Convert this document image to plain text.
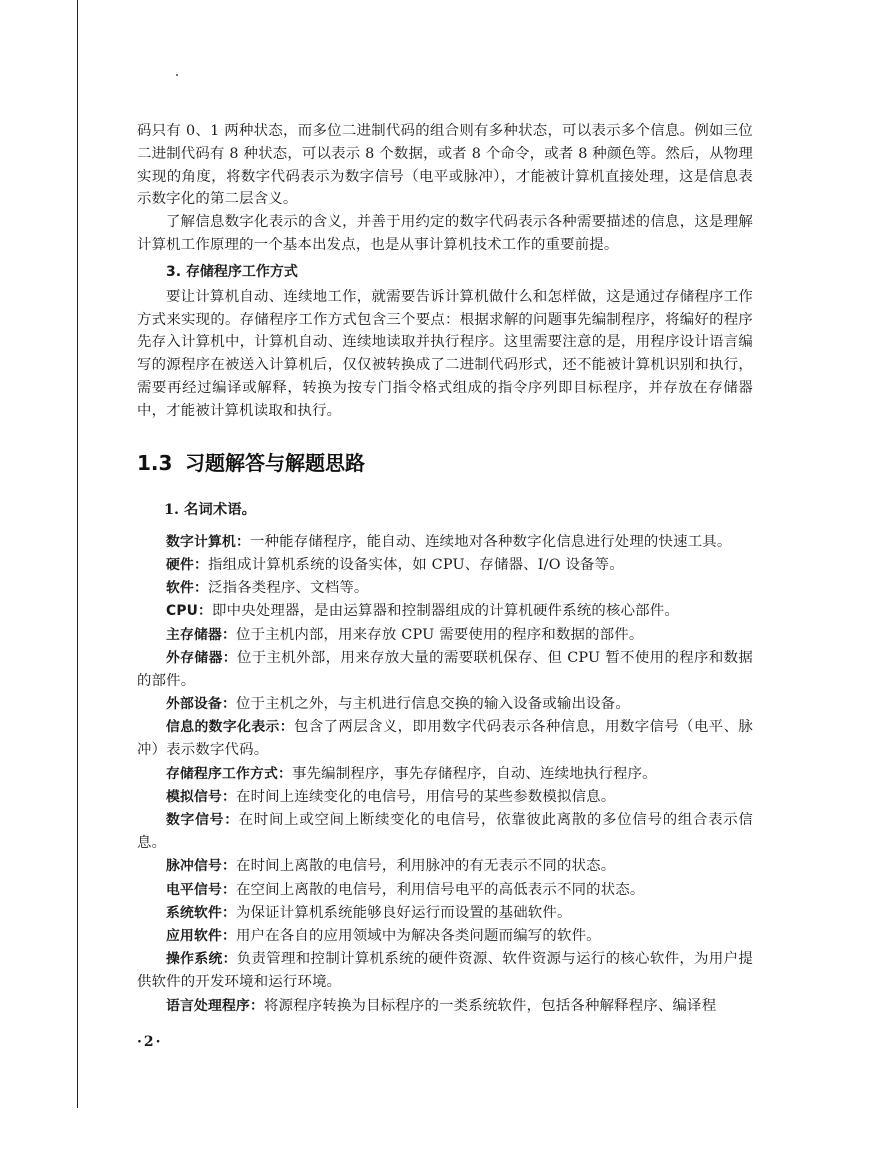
码只有 0、1 两种状态，而多位二进制代码的组合则有多种状态，可以表示多个信息。例如三位二进制代码有 8 种状态，可以表示 8 个数据，或者 8 个命令，或者 8 种颜色等。然后，从物理实现的角度，将数字代码表示为数字信号（电平或脉冲），才能被计算机直接处理，这是信息表示数字化的第二层含义。

了解信息数字化表示的含义，并善于用约定的数字代码表示各种需要描述的信息，这是理解计算机工作原理的一个基本出发点，也是从事计算机技术工作的重要前提。

3. 存储程序工作方式

要让计算机自动、连续地工作，就需要告诉计算机做什么和怎样做，这是通过存储程序工作方式来实现的。存储程序工作方式包含三个要点：根据求解的问题事先编制程序，将编好的程序先存入计算机中，计算机自动、连续地读取并执行程序。这里需要注意的是，用程序设计语言编写的源程序在被送入计算机后，仅仅被转换成了二进制代码形式，还不能被计算机识别和执行，需要再经过编译或解释，转换为按专门指令格式组成的指令序列即目标程序，并存放在存储器中，才能被计算机读取和执行。

1.3 习题解答与解题思路
1. 名词术语。

数字计算机：一种能存储程序，能自动、连续地对各种数字化信息进行处理的快速工具。

硬件：指组成计算机系统的设备实体，如 CPU、存储器、I/O 设备等。

软件：泛指各类程序、文档等。

CPU：即中央处理器，是由运算器和控制器组成的计算机硬件系统的核心部件。

主存储器：位于主机内部，用来存放 CPU 需要使用的程序和数据的部件。

外存储器：位于主机外部，用来存放大量的需要联机保存、但 CPU 暂不使用的程序和数据的部件。

外部设备：位于主机之外，与主机进行信息交换的输入设备或输出设备。

信息的数字化表示：包含了两层含义，即用数字代码表示各种信息，用数字信号（电平、脉冲）表示数字代码。

存储程序工作方式：事先编制程序，事先存储程序，自动、连续地执行程序。

模拟信号：在时间上连续变化的电信号，用信号的某些参数模拟信息。

数字信号：在时间上或空间上断续变化的电信号，依靠彼此离散的多位信号的组合表示信息。

脉冲信号：在时间上离散的电信号，利用脉冲的有无表示不同的状态。

电平信号：在空间上离散的电信号，利用信号电平的高低表示不同的状态。

系统软件：为保证计算机系统能够良好运行而设置的基础软件。

应用软件：用户在各自的应用领域中为解决各类问题而编写的软件。

操作系统：负责管理和控制计算机系统的硬件资源、软件资源与运行的核心软件，为用户提供软件的开发环境和运行环境。

语言处理程序：将源程序转换为目标程序的一类系统软件，包括各种解释程序、编译程

·2·
